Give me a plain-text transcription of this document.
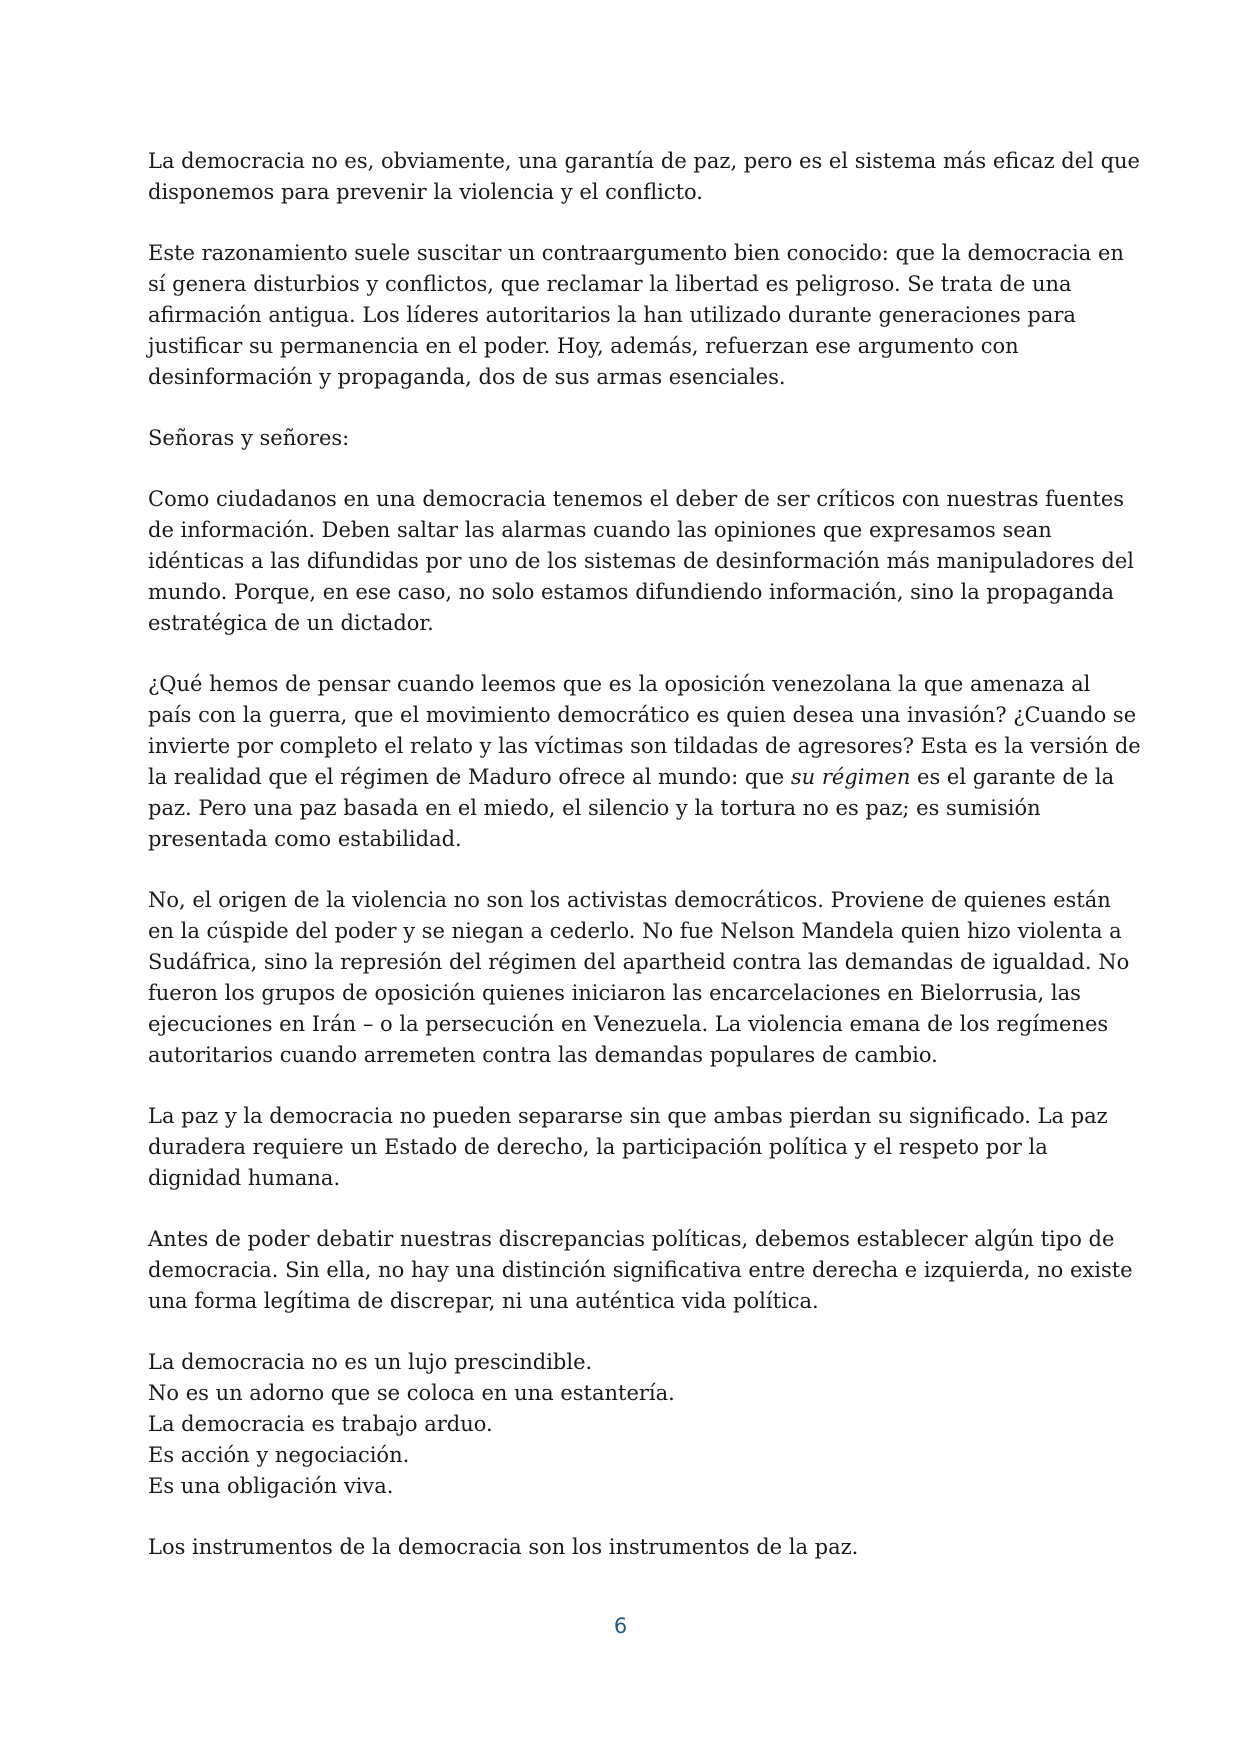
La democracia no es, obviamente, una garantía de paz, pero es el sistema más eficaz del que
disponemos para prevenir la violencia y el conflicto.

Este razonamiento suele suscitar un contraargumento bien conocido: que la democracia en
sí genera disturbios y conflictos, que reclamar la libertad es peligroso. Se trata de una
afirmación antigua. Los líderes autoritarios la han utilizado durante generaciones para
justificar su permanencia en el poder. Hoy, además, refuerzan ese argumento con
desinformación y propaganda, dos de sus armas esenciales.

Señoras y señores:

Como ciudadanos en una democracia tenemos el deber de ser críticos con nuestras fuentes
de información. Deben saltar las alarmas cuando las opiniones que expresamos sean
idénticas a las difundidas por uno de los sistemas de desinformación más manipuladores del
mundo. Porque, en ese caso, no solo estamos difundiendo información, sino la propaganda
estratégica de un dictador.

¿Qué hemos de pensar cuando leemos que es la oposición venezolana la que amenaza al
país con la guerra, que el movimiento democrático es quien desea una invasión? ¿Cuando se
invierte por completo el relato y las víctimas son tildadas de agresores? Esta es la versión de
la realidad que el régimen de Maduro ofrece al mundo: que su régimen es el garante de la
paz. Pero una paz basada en el miedo, el silencio y la tortura no es paz; es sumisión
presentada como estabilidad.

No, el origen de la violencia no son los activistas democráticos. Proviene de quienes están
en la cúspide del poder y se niegan a cederlo. No fue Nelson Mandela quien hizo violenta a
Sudáfrica, sino la represión del régimen del apartheid contra las demandas de igualdad. No
fueron los grupos de oposición quienes iniciaron las encarcelaciones en Bielorrusia, las
ejecuciones en Irán – o la persecución en Venezuela. La violencia emana de los regímenes
autoritarios cuando arremeten contra las demandas populares de cambio.

La paz y la democracia no pueden separarse sin que ambas pierdan su significado. La paz
duradera requiere un Estado de derecho, la participación política y el respeto por la
dignidad humana.

Antes de poder debatir nuestras discrepancias políticas, debemos establecer algún tipo de
democracia. Sin ella, no hay una distinción significativa entre derecha e izquierda, no existe
una forma legítima de discrepar, ni una auténtica vida política.

La democracia no es un lujo prescindible.
No es un adorno que se coloca en una estantería.
La democracia es trabajo arduo.
Es acción y negociación.
Es una obligación viva.

Los instrumentos de la democracia son los instrumentos de la paz.

6
